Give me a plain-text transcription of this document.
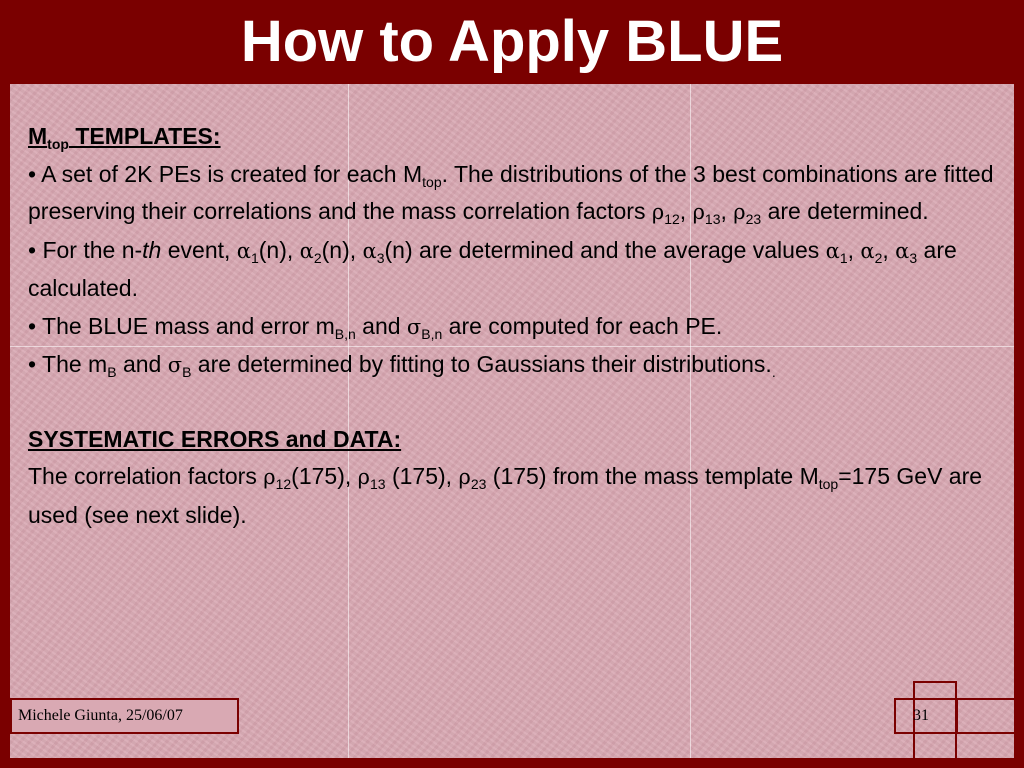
How to Apply BLUE

$M_{top}$ TEMPLATES:

• A set of 2K PEs is created for each $M_{top}$. The distributions of the 3 best combinations are fitted preserving their correlations and the mass correlation factors $\rho_{12}$, $\rho_{13}$, $\rho_{23}$ are determined.

• For the n-th event, $\alpha_1(n)$, $\alpha_2(n)$, $\alpha_3(n)$ are determined and the average values $\alpha_1$, $\alpha_2$, $\alpha_3$ are calculated.

• The BLUE mass and error $m_{B,n}$ and $\sigma_{B,n}$ are computed for each PE.

• The $m_B$ and $\sigma_B$ are determined by fitting to Gaussians their $distributions._.$

SYSTEMATIC ERRORS and DATA:

The correlation factors $\rho_{12}(175)$, $\rho_{13}$ (175), $\rho_{23}$ (175) from the mass template $M_{top}=175$ GeV are used (see next slide).

Michele Giunta, 25/06/07	31
